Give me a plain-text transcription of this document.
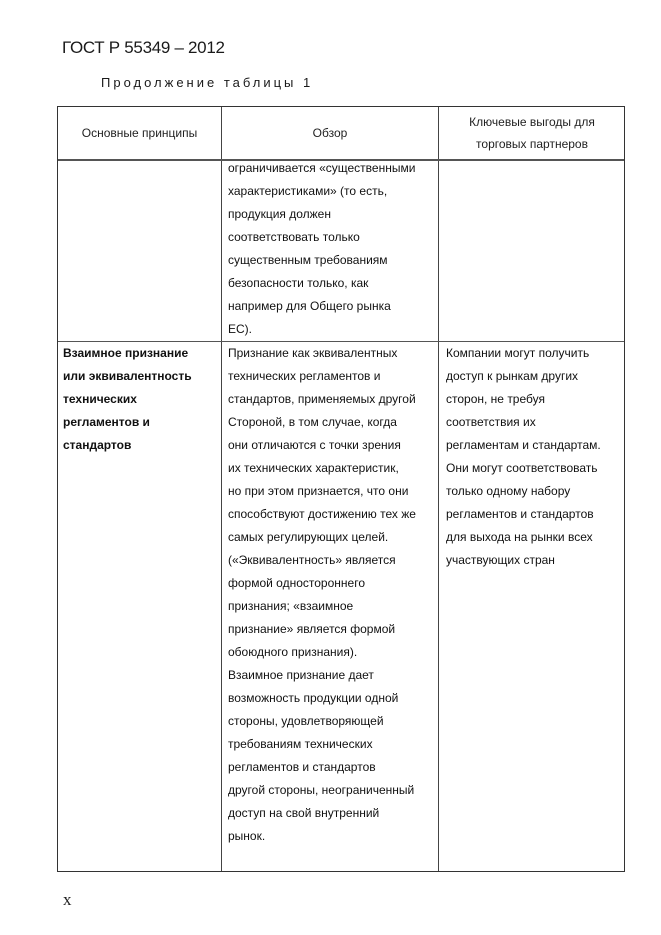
ГОСТ Р 55349 – 2012
Продолжение таблицы 1
Основные принципы	Обзор
Ключевые выгоды для торговых партнеров
ограничивается «существенными
характеристиками» (то есть,
продукция должен
соответствовать только
существенным требованиям
безопасности только, как
например для Общего рынка
ЕС).
Взаимное признание
или эквивалентность
технических
регламентов и
стандартов
Признание как эквивалентных
технических регламентов и
стандартов, применяемых другой
Стороной, в том случае, когда
они отличаются с точки зрения
их технических характеристик,
но при этом признается, что они
способствуют достижению тех же
самых регулирующих целей.
(«Эквивалентность» является
формой одностороннего
признания; «взаимное
признание» является формой
обоюдного признания).
Взаимное признание дает
возможность продукции одной
стороны, удовлетворяющей
требованиям технических
регламентов и стандартов
другой стороны, неограниченный
доступ на свой внутренний
рынок.
Компании могут получить
доступ к рынкам других
сторон, не требуя
соответствия их
регламентам и стандартам.
Они могут соответствовать
только одному набору
регламентов и стандартов
для выхода на рынки всех
участвующих стран
x
